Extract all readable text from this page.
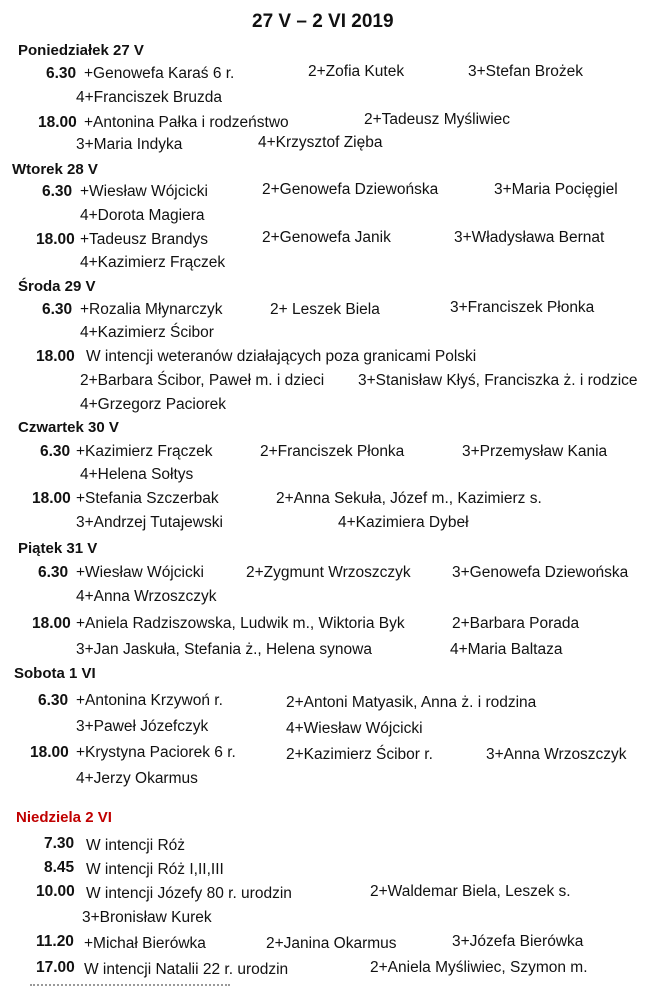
27 V – 2 VI 2019
Poniedziałek 27 V
6.30 +Genowefa Karaś 6 r.	2+Zofia Kutek	3+Stefan Brożek
4+Franciszek Bruzda
18.00 +Antonina Pałka i rodzeństwo	2+Tadeusz Myśliwiec
3+Maria Indyka	4+Krzysztof Zięba
Wtorek 28 V
6.30 +Wiesław Wójcicki	2+Genowefa Dziewońska	3+Maria Pocięgiel
4+Dorota Magiera
18.00 +Tadeusz Brandys	2+Genowefa Janik	3+Władysława Bernat
4+Kazimierz Frączek
Środa 29 V
6.30 +Rozalia Młynarczyk	2+ Leszek Biela	3+Franciszek Płonka
4+Kazimierz Ścibor
18.00 W intencji weteranów działających poza granicami Polski
2+Barbara Ścibor, Paweł m. i dzieci 3+Stanisław Kłyś, Franciszka ż. i rodzice
4+Grzegorz Paciorek
Czwartek 30 V
6.30 +Kazimierz Frączek	2+Franciszek Płonka	3+Przemysław Kania
4+Helena Sołtys
18.00 +Stefania Szczerbak	2+Anna Sekuła, Józef m., Kazimierz s.
3+Andrzej Tutajewski	4+Kazimiera Dybeł
Piątek 31 V
6.30 +Wiesław Wójcicki	2+Zygmunt Wrzoszczyk	3+Genowefa Dziewońska
4+Anna Wrzoszczyk
18.00 +Aniela Radziszowska, Ludwik m., Wiktoria Byk	2+Barbara Porada
3+Jan Jaskuła, Stefania ż., Helena synowa	4+Maria Baltaza
Sobota 1 VI
6.30 +Antonina Krzywoń r.	2+Antoni Matyasik, Anna ż. i rodzina
3+Paweł Józefczyk	4+Wiesław Wójcicki
18.00 +Krystyna Paciorek 6 r.	2+Kazimierz Ścibor r.	3+Anna Wrzoszczyk
4+Jerzy Okarmus
Niedziela 2 VI
7.30 W intencji Róż
8.45 W intencji Róż I,II,III
10.00 W intencji Józefy 80 r. urodzin	2+Waldemar Biela, Leszek s.
3+Bronisław Kurek
11.20 +Michał Bierówka	2+Janina Okarmus	3+Józefa Bierówka
17.00 W intencji Natalii 22 r. urodzin	2+Aniela Myśliwiec, Szymon m.
